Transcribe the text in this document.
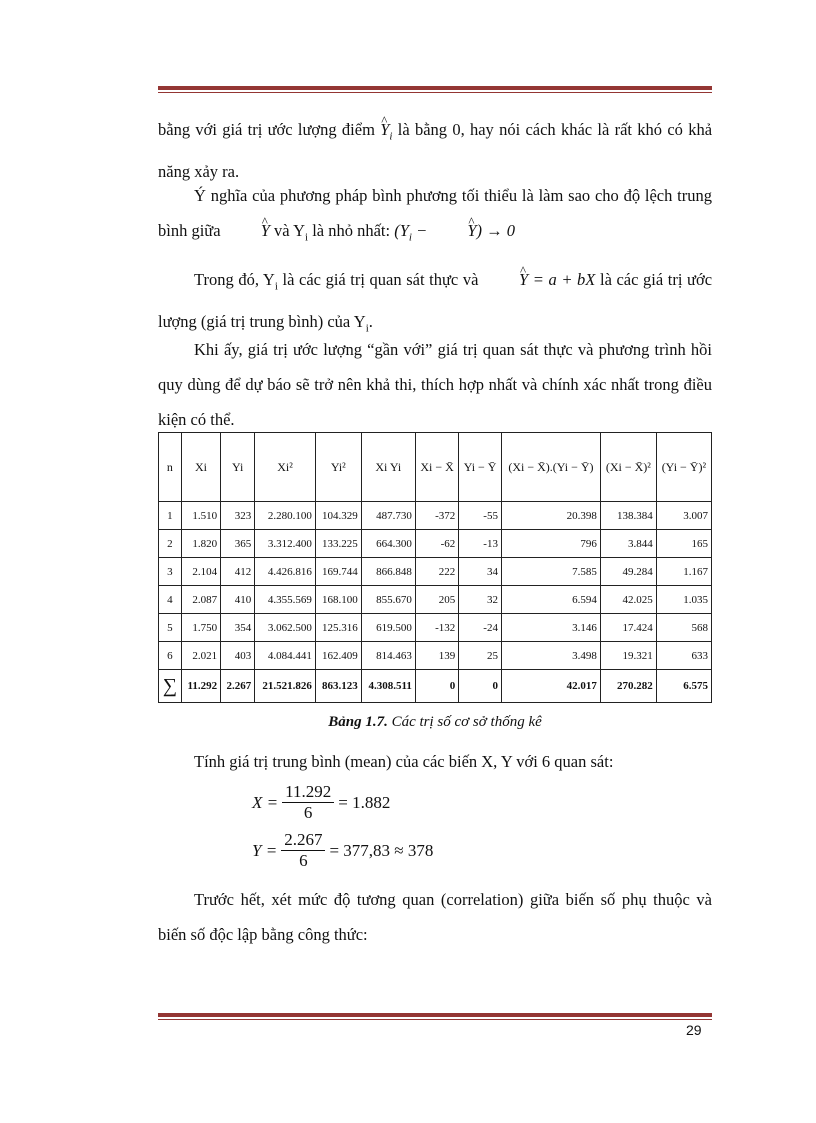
bằng với giá trị ước lượng điểm ^ $Y_i$ là bằng 0, hay nói cách khác là rất khó có khả năng xảy ra.
Ý nghĩa của phương pháp bình phương tối thiểu là làm sao cho độ lệch trung bình giữa ^ Y và $Y_i$ là nhỏ nhất: ($Y_i$ − ^ Y) → 0
Trong đó, $Y_i$ là các giá trị quan sát thực và ^ Y = a + bX là các giá trị ước lượng (giá trị trung bình) của $Y_i$.
Khi ấy, giá trị ước lượng “gần với” giá trị quan sát thực và phương trình hồi quy dùng để dự báo sẽ trở nên khả thi, thích hợp nhất và chính xác nhất trong điều kiện có thể.
n	Xi	Yi	Xi²	Yi²	Xi Yi	Xi − X̄	Yi − Ȳ	(Xi − X̄).(Yi − Ȳ)	(Xi − X̄)²	(Yi − Ȳ)²
1	1.510	323	2.280.100	104.329	487.730	-372	-55	20.398	138.384	3.007
2	1.820	365	3.312.400	133.225	664.300	-62	-13	796	3.844	165
3	2.104	412	4.426.816	169.744	866.848	222	34	7.585	49.284	1.167
4	2.087	410	4.355.569	168.100	855.670	205	32	6.594	42.025	1.035
5	1.750	354	3.062.500	125.316	619.500	-132	-24	3.146	17.424	568
6	2.021	403	4.084.441	162.409	814.463	139	25	3.498	19.321	633
∑	11.292	2.267	21.521.826	863.123	4.308.511	0	0	42.017	270.282	6.575
Bảng 1.7. Các trị số cơ sở thống kê
Tính giá trị trung bình (mean) của các biến X, Y với 6 quan sát:
$X = \frac{11.292}{6} = 1.882$
$Y = \frac{2.267}{6} = 377,83 \approx 378$
Trước hết, xét mức độ tương quan (correlation) giữa biến số phụ thuộc và biến số độc lập bằng công thức:
29
